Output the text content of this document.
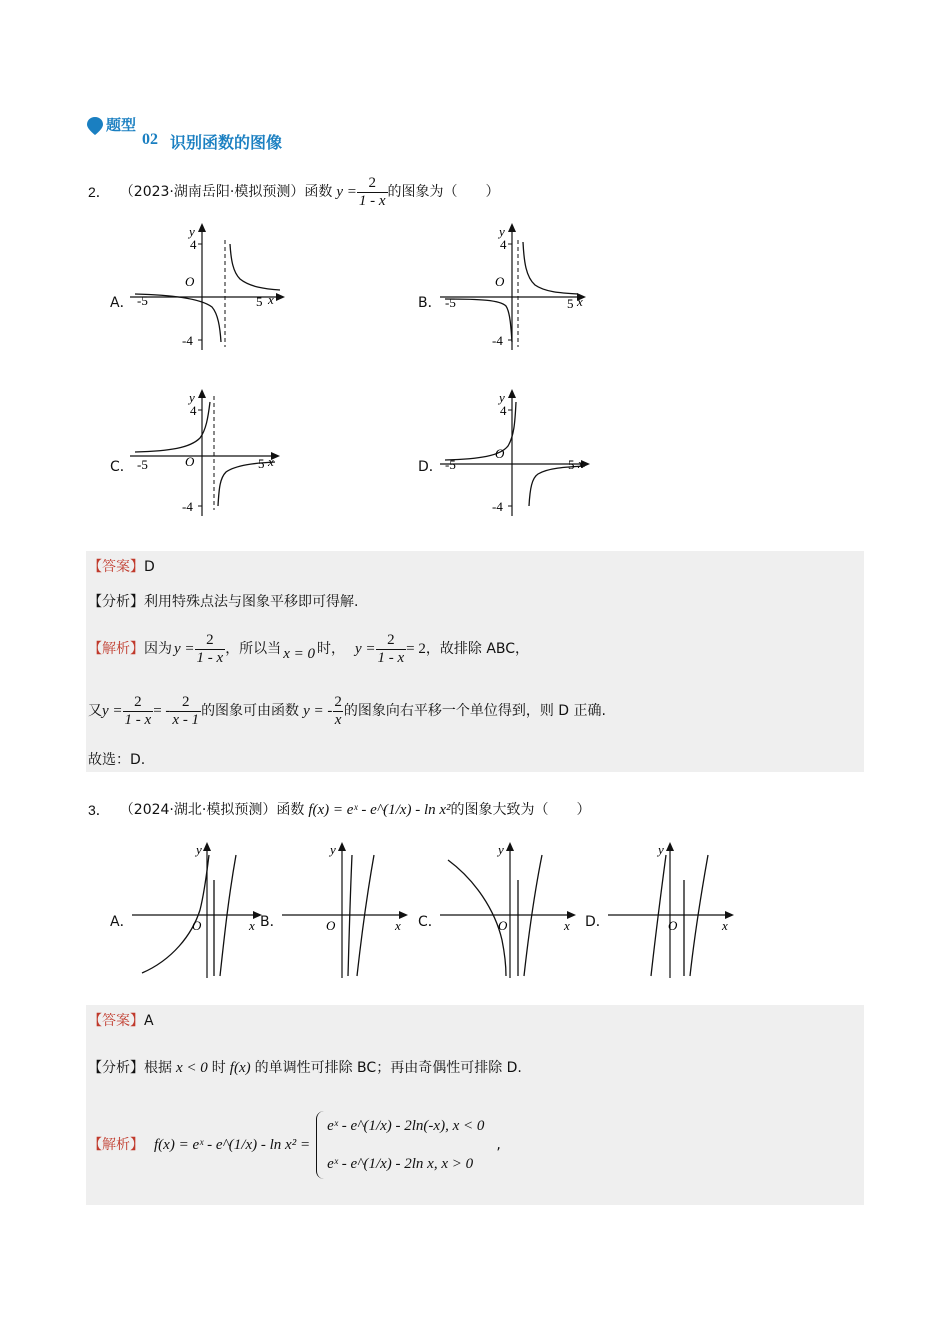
题型
02 识别函数的图像
2． （2023·湖南岳阳·模拟预测）函数 $y = \frac{2}{1 - x}$ 的图象为（　　）
A．
y
4
O
-5	5 x
-4
B．
y
4
O
-5	5 x
-4
C．
y
4
O
-5	5 x
-4
D．
y
4
O
-5	5 x
-4
【答案】D
【分析】利用特殊点法与图象平移即可得解.
【解析】 因为 $y = \frac{2}{1 - x}$ ，所以当 x = 0 时， $y = \frac{2}{1 - x} = 2$ ，故排除 ABC，
又 $y = \frac{2}{1 - x}$ = - $\frac{2}{x - 1}$ 的图象可由函数 y = - $\frac{2}{x}$ 的图象向右平移一个单位得到，则 D 正确.
故选：D.
3． （2024·湖北·模拟预测）函数 f(x) = eˣ - e^(1/x) - ln x² 的图象大致为（　　）
A．
y
O	x B．
y
O	x C．
y
O	x D．
y
O	x
【答案】A
【分析】 根据 x < 0 时 f(x) 的单调性可排除 BC；再由奇偶性可排除 D.
【解析】 f(x) = eˣ - e^(1/x) - ln x² =
eˣ - e^(1/x) - 2ln(-x), x < 0
eˣ - e^(1/x) - 2ln x, x > 0
,
